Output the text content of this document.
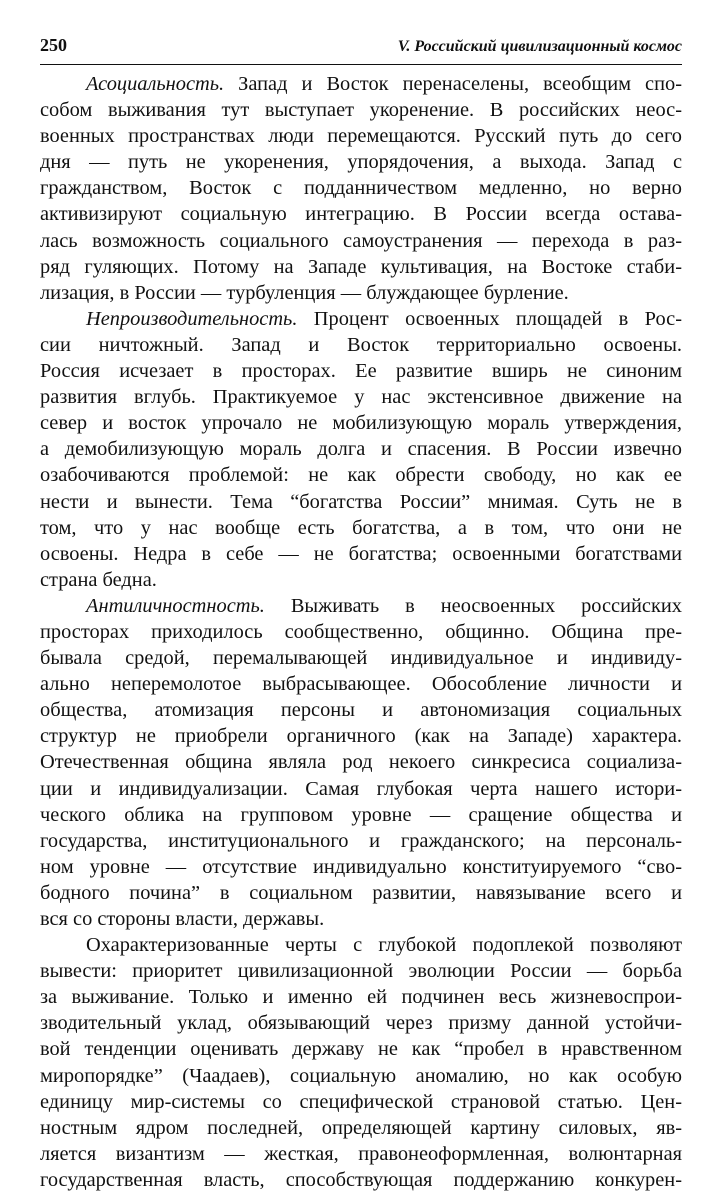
250	V. Российский цивилизационный космос
Асоциальность. Запад и Восток перенаселены, всеобщим спо-
собом выживания тут выступает укоренение. В российских неос-
военных пространствах люди перемещаются. Русский путь до сего
дня — путь не укоренения, упорядочения, а выхода. Запад с
гражданством, Восток с подданничеством медленно, но верно
активизируют социальную интеграцию. В России всегда остава-
лась возможность социального самоустранения — перехода в раз-
ряд гуляющих. Потому на Западе культивация, на Востоке стаби-
лизация, в России — турбуленция — блуждающее бурление.
Непроизводительность. Процент освоенных площадей в Рос-
сии ничтожный. Запад и Восток территориально освоены.
Россия исчезает в просторах. Ее развитие вширь не синоним
развития вглубь. Практикуемое у нас экстенсивное движение на
север и восток упрочало не мобилизующую мораль утверждения,
а демобилизующую мораль долга и спасения. В России извечно
озабочиваются проблемой: не как обрести свободу, но как ее
нести и вынести. Тема “богатства России” мнимая. Суть не в
том, что у нас вообще есть богатства, а в том, что они не
освоены. Недра в себе — не богатства; освоенными богатствами
страна бедна.
Антиличностность. Выживать в неосвоенных российских
просторах приходилось сообщественно, общинно. Община пре-
бывала средой, перемалывающей индивидуальное и индивиду-
ально неперемолотое выбрасывающее. Обособление личности и
общества, атомизация персоны и автономизация социальных
структур не приобрели органичного (как на Западе) характера.
Отечественная община являла род некоего синкресиса социализа-
ции и индивидуализации. Самая глубокая черта нашего истори-
ческого облика на групповом уровне — сращение общества и
государства, институционального и гражданского; на персональ-
ном уровне — отсутствие индивидуально конституируемого “сво-
бодного почина” в социальном развитии, навязывание всего и
вся со стороны власти, державы.
Охарактеризованные черты с глубокой подоплекой позволяют
вывести: приоритет цивилизационной эволюции России — борьба
за выживание. Только и именно ей подчинен весь жизневоспрои-
зводительный уклад, обязывающий через призму данной устойчи-
вой тенденции оценивать державу не как “пробел в нравственном
миропорядке” (Чаадаев), социальную аномалию, но как особую
единицу мир-системы со специфической страновой статью. Цен-
ностным ядром последней, определяющей картину силовых, яв-
ляется византизм — жесткая, правонеоформленная, волюнтарная
государственная власть, способствующая поддержанию конкурен-
